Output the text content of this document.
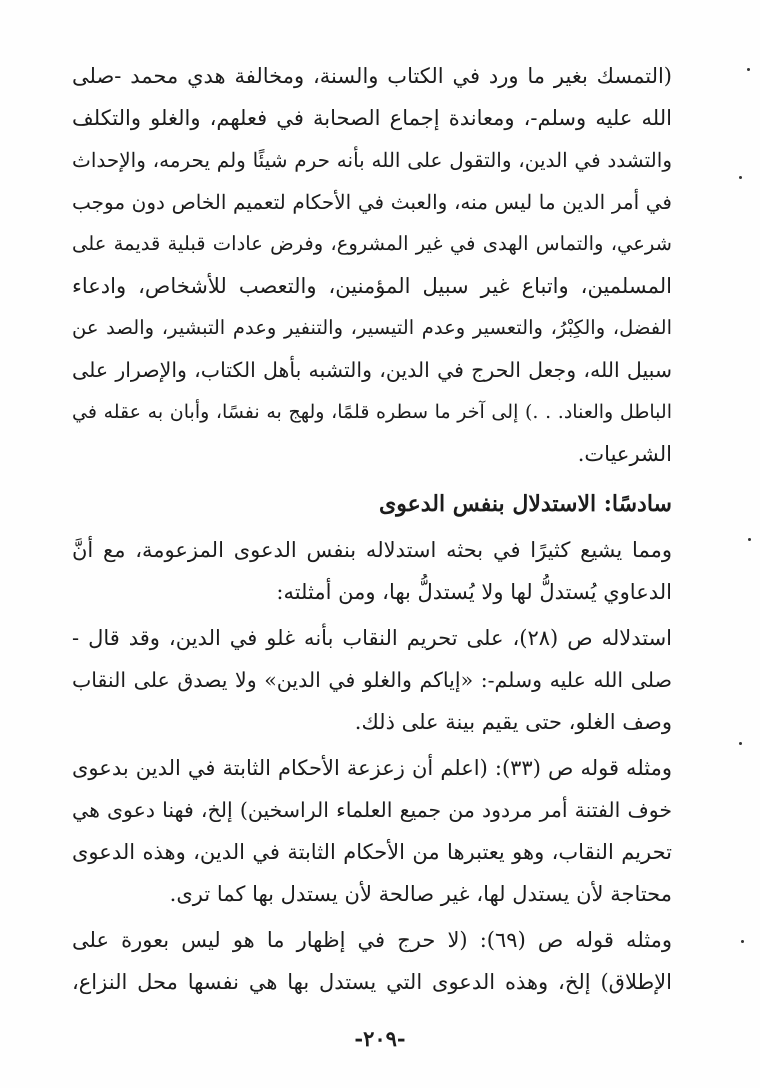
(التمسك بغير ما ورد في الكتاب والسنة، ومخالفة هدي محمد -صلى
الله عليه وسلم-، ومعاندة إجماع الصحابة في فعلهم، والغلو والتكلف
والتشدد في الدين، والتقول على الله بأنه حرم شيئًا ولم يحرمه، والإحداث
في أمر الدين ما ليس منه، والعبث في الأحكام لتعميم الخاص دون موجب
شرعي، والتماس الهدى في غير المشروع، وفرض عادات قبلية قديمة على
المسلمين، واتباع غير سبيل المؤمنين، والتعصب للأشخاص، وادعاء
الفضل، والكِبْرُ، والتعسير وعدم التيسير، والتنفير وعدم التبشير، والصد عن
سبيل الله، وجعل الحرج في الدين، والتشبه بأهل الكتاب، والإصرار على
الباطل والعناد. . .) إلى آخر ما سطره قلمًا، ولهج به نفسًا، وأبان به عقله في
الشرعيات.
سادسًا: الاستدلال بنفس الدعوى
ومما يشيع كثيرًا في بحثه استدلاله بنفس الدعوى المزعومة، مع أنَّ
الدعاوي يُستدلُّ لها ولا يُستدلُّ بها، ومن أمثلته:
استدلاله ص (٢٨)، على تحريم النقاب بأنه غلو في الدين، وقد قال -
صلى الله عليه وسلم-: «إياكم والغلو في الدين» ولا يصدق على النقاب
وصف الغلو، حتى يقيم بينة على ذلك.
ومثله قوله ص (٣٣): (اعلم أن زعزعة الأحكام الثابتة في الدين بدعوى
خوف الفتنة أمر مردود من جميع العلماء الراسخين) إلخ، فهنا دعوى هي
تحريم النقاب، وهو يعتبرها من الأحكام الثابتة في الدين، وهذه الدعوى
محتاجة لأن يستدل لها، غير صالحة لأن يستدل بها كما ترى.
ومثله قوله ص (٦٩): (لا حرج في إظهار ما هو ليس بعورة على
الإطلاق) إلخ، وهذه الدعوى التي يستدل بها هي نفسها محل النزاع،
-٢٠٩-
